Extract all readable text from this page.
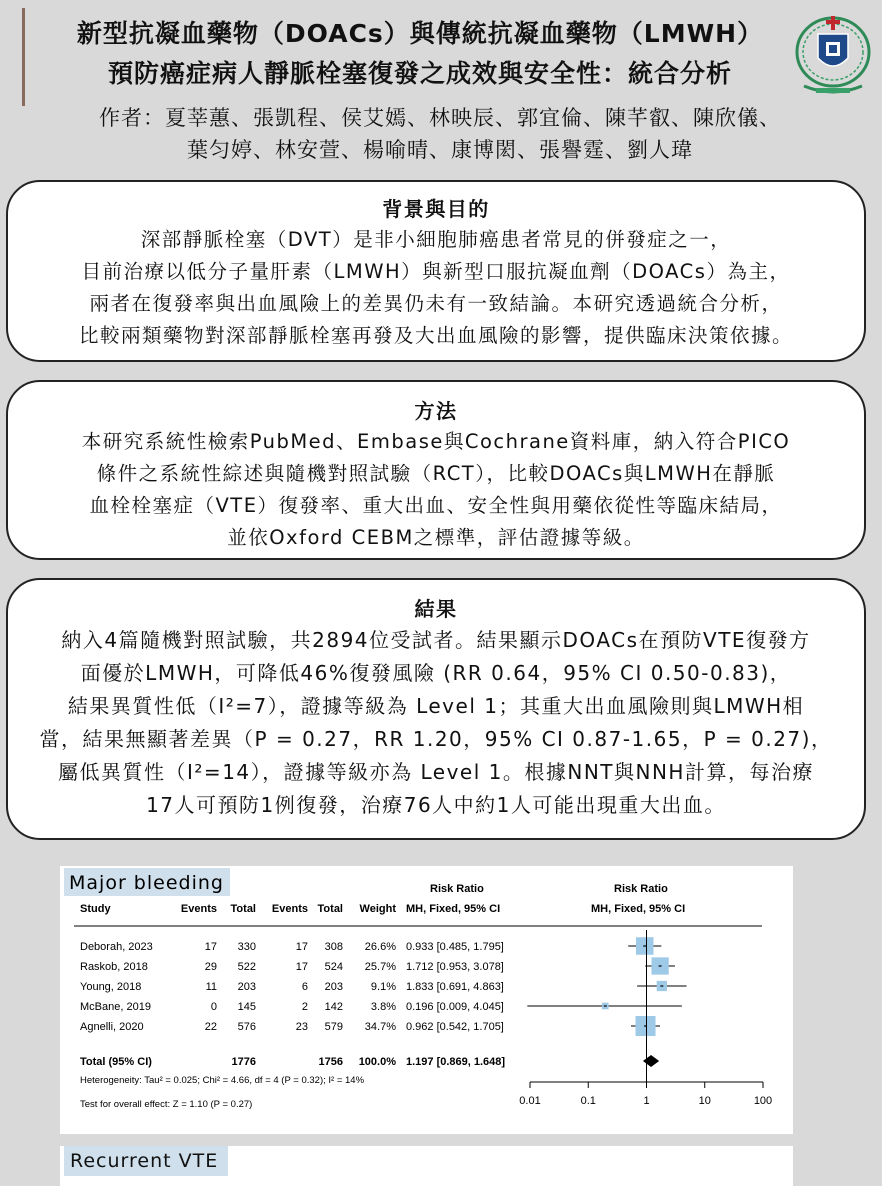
新型抗凝血藥物（DOACs）與傳統抗凝血藥物（LMWH）
預防癌症病人靜脈栓塞復發之成效與安全性：統合分析
作者：夏莘蕙、張凱程、侯艾嫣、林映辰、郭宜倫、陳芊叡、陳欣儀、
葉匀婷、林安萱、楊喻晴、康博閎、張譽霆、劉人瑋
背景與目的

深部靜脈栓塞（DVT）是非小細胞肺癌患者常見的併發症之一，

目前治療以低分子量肝素（LMWH）與新型口服抗凝血劑（DOACs）為主，

兩者在復發率與出血風險上的差異仍未有一致結論。本研究透過統合分析，

比較兩類藥物對深部靜脈栓塞再發及大出血風險的影響，提供臨床決策依據。

方法

本研究系統性檢索PubMed、Embase與Cochrane資料庫，納入符合PICO

條件之系統性綜述與隨機對照試驗（RCT），比較DOACs與LMWH在靜脈

血栓栓塞症（VTE）復發率、重大出血、安全性與用藥依從性等臨床結局，

並依Oxford CEBM之標準，評估證據等級。

結果

納入4篇隨機對照試驗，共2894位受試者。結果顯示DOACs在預防VTE復發方

面優於LMWH，可降低46%復發風險 (RR 0.64，95% CI 0.50-0.83)，

結果異質性低（I²=7），證據等級為 Level 1；其重大出血風險則與LMWH相

當，結果無顯著差異（P = 0.27，RR 1.20，95% CI 0.87-1.65，P = 0.27)，

屬低異質性（I²=14），證據等級亦為 Level 1。根據NNT與NNH計算，每治療

17人可預防1例復發，治療76人中約1人可能出現重大出血。

Major bleeding	Risk Ratio	Risk Ratio
Study	Events Total Events Total Weight MH, Fixed, 95% CI	MH, Fixed, 95% CI
Deborah, 2023	17 330	17 308 26.6% 0.933 [0.485, 1.795]
Raskob, 2018	29 522	17 524 25.7% 1.712 [0.953, 3.078]
Young, 2018	11 203	6 203	9.1% 1.833 [0.691, 4.863]
McBane, 2019	0 145	2 142	3.8% 0.196 [0.009, 4.045]
Agnelli, 2020	22 576	23 579 34.7% 0.962 [0.542, 1.705]
Total (95% CI)	1776	1756 100.0% 1.197 [0.869, 1.648]
0.01	0.1	1	10	100
Heterogeneity: Tau² = 0.025; Chi² = 4.66, df = 4 (P = 0.32); I² = 14%
Test for overall effect: Z = 1.10 (P = 0.27)
Recurrent VTE
